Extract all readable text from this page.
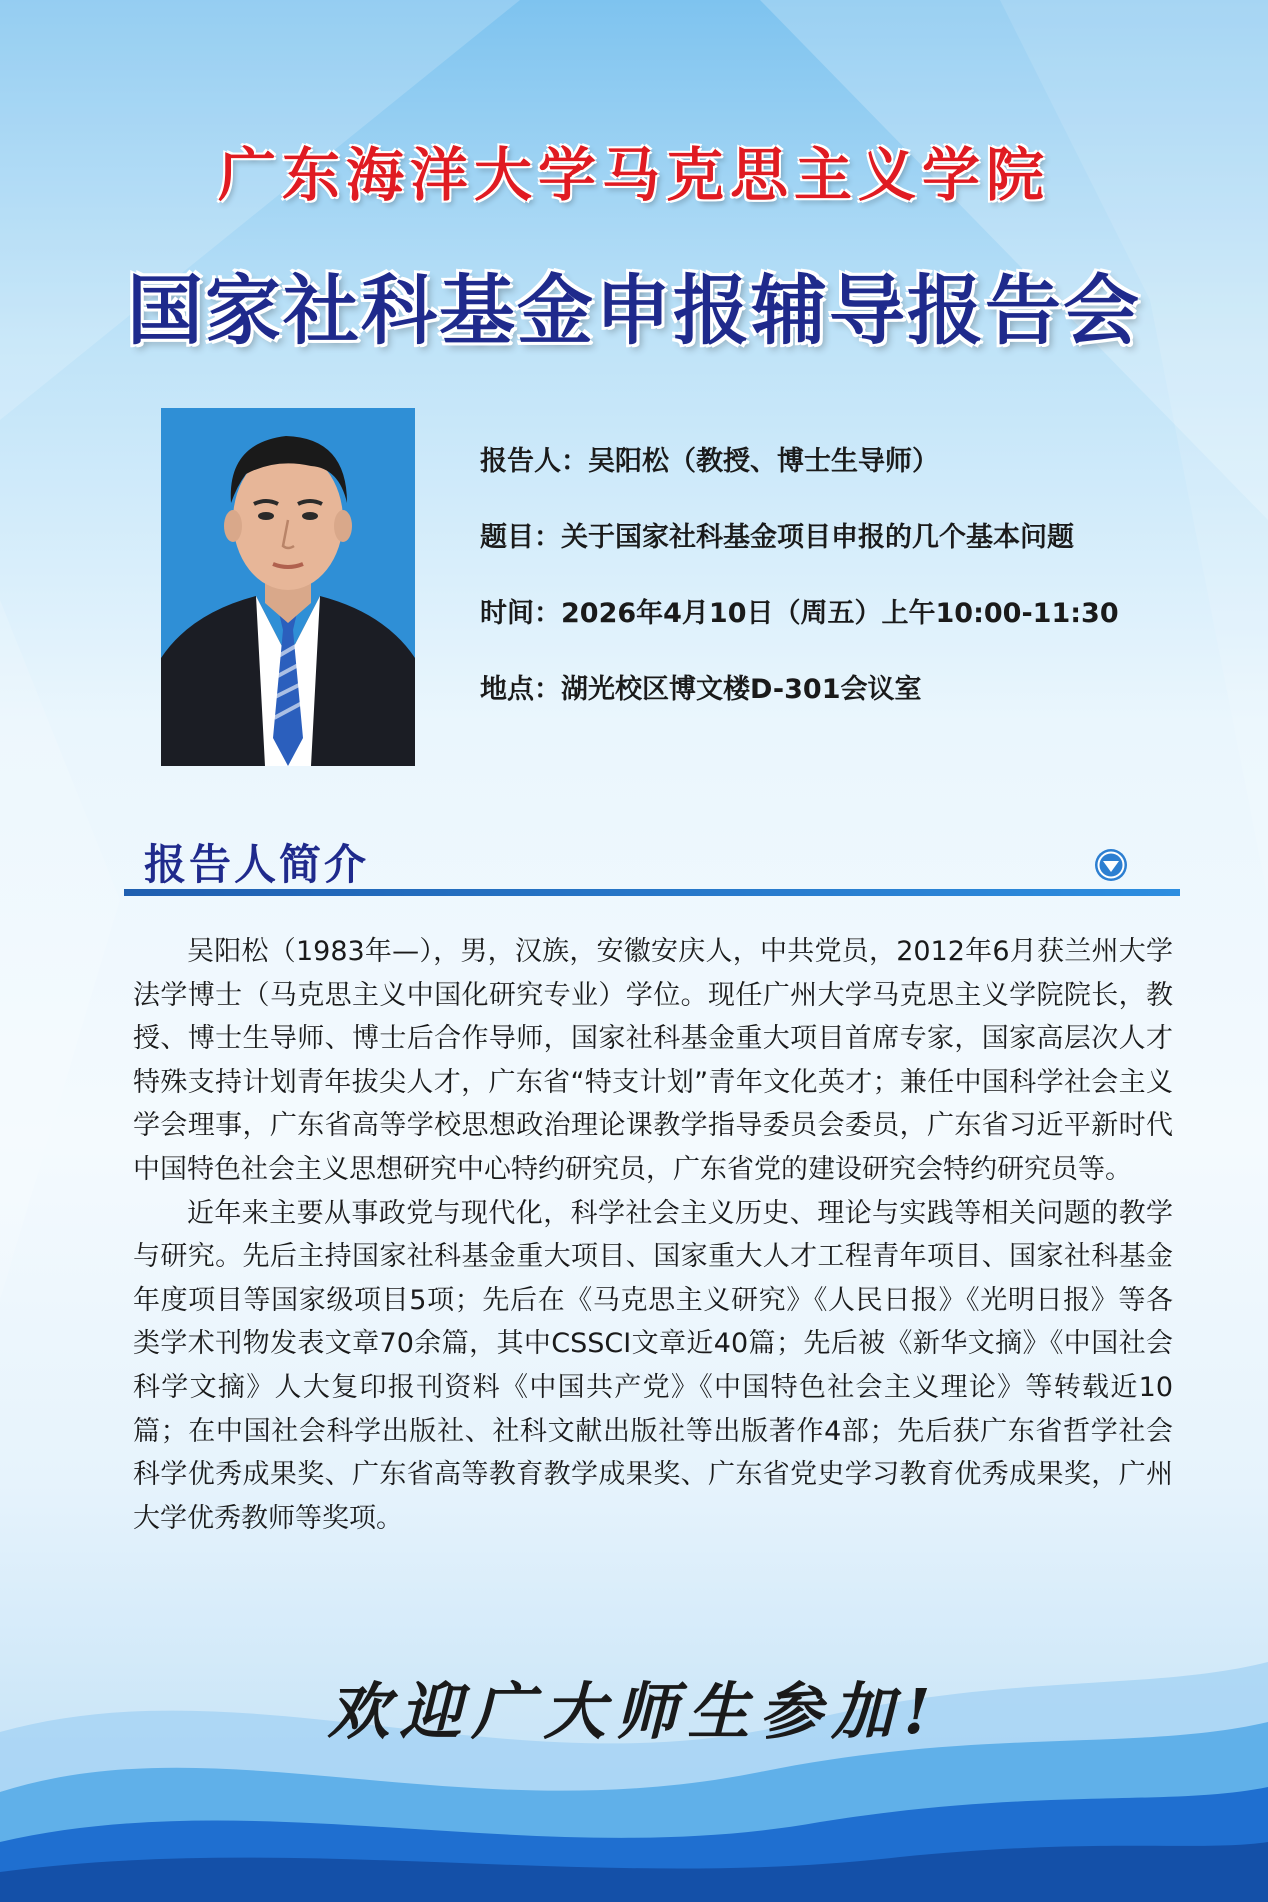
广东海洋大学马克思主义学院
国家社科基金申报辅导报告会
报告人：吴阳松（教授、博士生导师）
题目：关于国家社科基金项目申报的几个基本问题
时间：2026年4月10日（周五）上午10:00-11:30
地点：湖光校区博文楼D-301会议室
报告人简介

吴阳松（1983年—），男，汉族，安徽安庆人，中共党员，2012年6月获兰州大学法学博士（马克思主义中国化研究专业）学位。现任广州大学马克思主义学院院长，教授、博士生导师、博士后合作导师，国家社科基金重大项目首席专家，国家高层次人才特殊支持计划青年拔尖人才，广东省“特支计划”青年文化英才；兼任中国科学社会主义学会理事，广东省高等学校思想政治理论课教学指导委员会委员，广东省习近平新时代中国特色社会主义思想研究中心特约研究员，广东省党的建设研究会特约研究员等。

近年来主要从事政党与现代化，科学社会主义历史、理论与实践等相关问题的教学与研究。先后主持国家社科基金重大项目、国家重大人才工程青年项目、国家社科基金年度项目等国家级项目5项；先后在《马克思主义研究》《人民日报》《光明日报》等各类学术刊物发表文章70余篇，其中CSSCI文章近40篇；先后被《新华文摘》《中国社会科学文摘》人大复印报刊资料《中国共产党》《中国特色社会主义理论》等转载近10篇；在中国社会科学出版社、社科文献出版社等出版著作4部；先后获广东省哲学社会科学优秀成果奖、广东省高等教育教学成果奖、广东省党史学习教育优秀成果奖，广州大学优秀教师等奖项。

欢迎广大师生参加!
